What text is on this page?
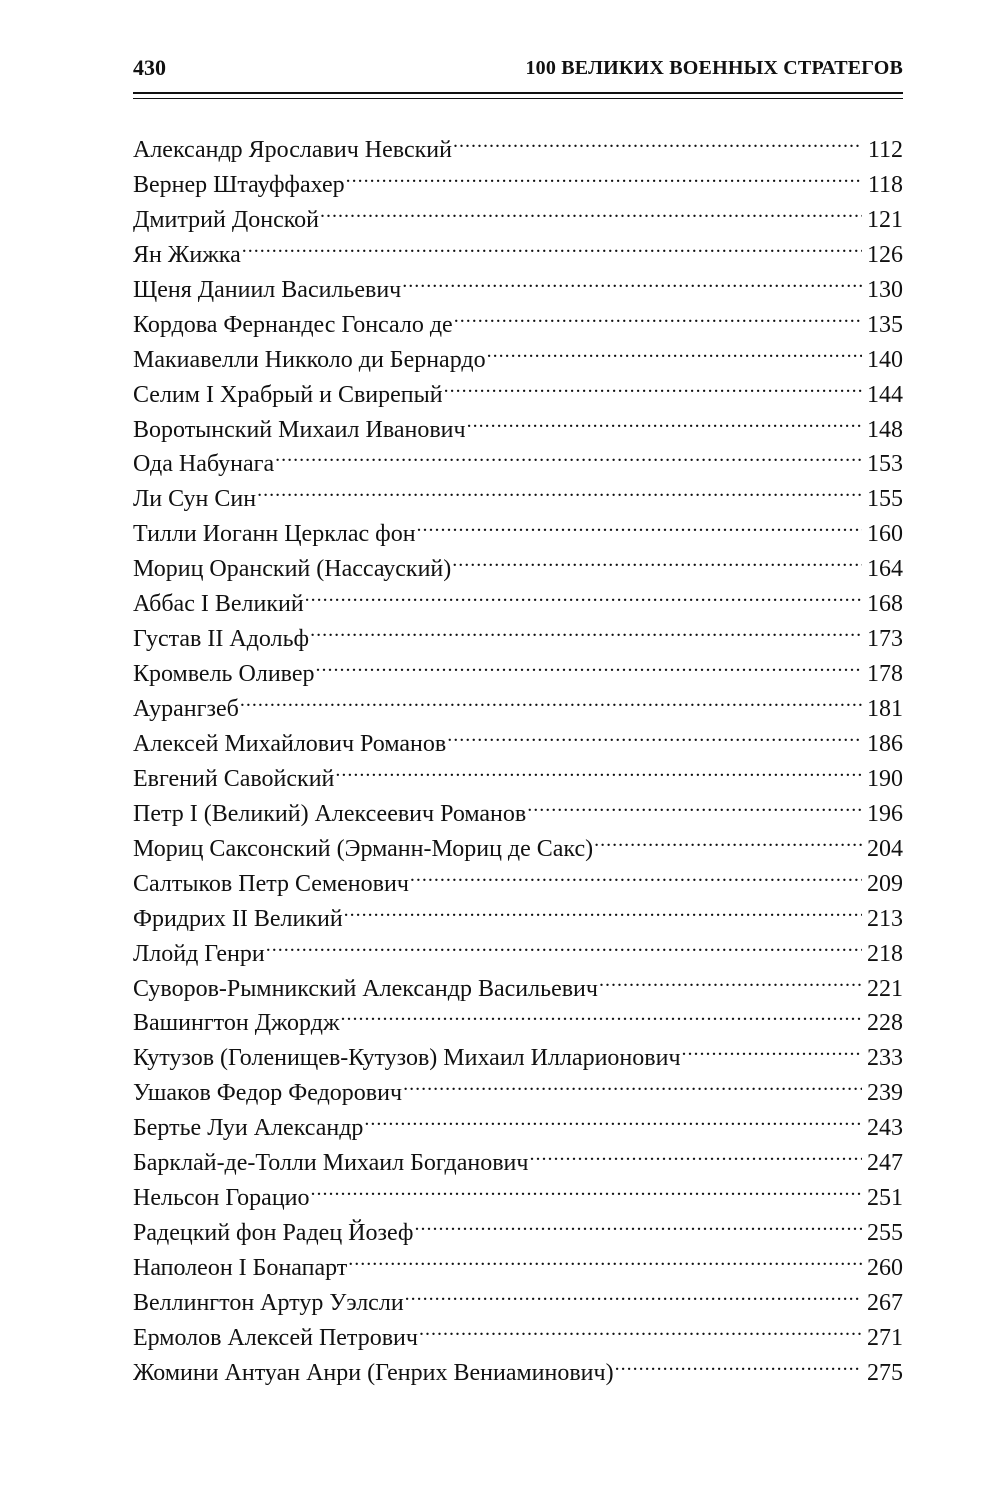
430	100 ВЕЛИКИХ ВОЕННЫХ СТРАТЕГОВ
Александр Ярославич Невский .....	112
Вернер Штауффахер .....	118
Дмитрий Донской .....	121
Ян Жижка .....	126
Щеня Даниил Васильевич .....	130
Кордова Фернандес Гонсало де .....	135
Макиавелли Никколо ди Бернардо .....	140
Селим I Храбрый и Свирепый .....	144
Воротынский Михаил Иванович .....	148
Ода Набунага .....	153
Ли Сун Син .....	155
Тилли Иоганн Церклас фон .....	160
Мориц Оранский (Нассауский) .....	164
Аббас I Великий .....	168
Густав II Адольф .....	173
Кромвель Оливер .....	178
Аурангзеб .....	181
Алексей Михайлович Романов .....	186
Евгений Савойский .....	190
Петр I (Великий) Алексеевич Романов .....	196
Мориц Саксонский (Эрманн-Мориц де Сакс) .....	204
Салтыков Петр Семенович .....	209
Фридрих II Великий .....	213
Ллойд Генри .....	218
Суворов-Рымникский Александр Васильевич .....	221
Вашингтон Джордж .....	228
Кутузов (Голенищев-Кутузов) Михаил Илларионович .....	233
Ушаков Федор Федорович .....	239
Бертье Луи Александр .....	243
Барклай-де-Толли Михаил Богданович .....	247
Нельсон Горацио .....	251
Радецкий фон Радец Йозеф .....	255
Наполеон I Бонапарт .....	260
Веллингтон Артур Уэлсли .....	267
Ермолов Алексей Петрович .....	271
Жомини Антуан Анри (Генрих Вениаминович) .....	275
